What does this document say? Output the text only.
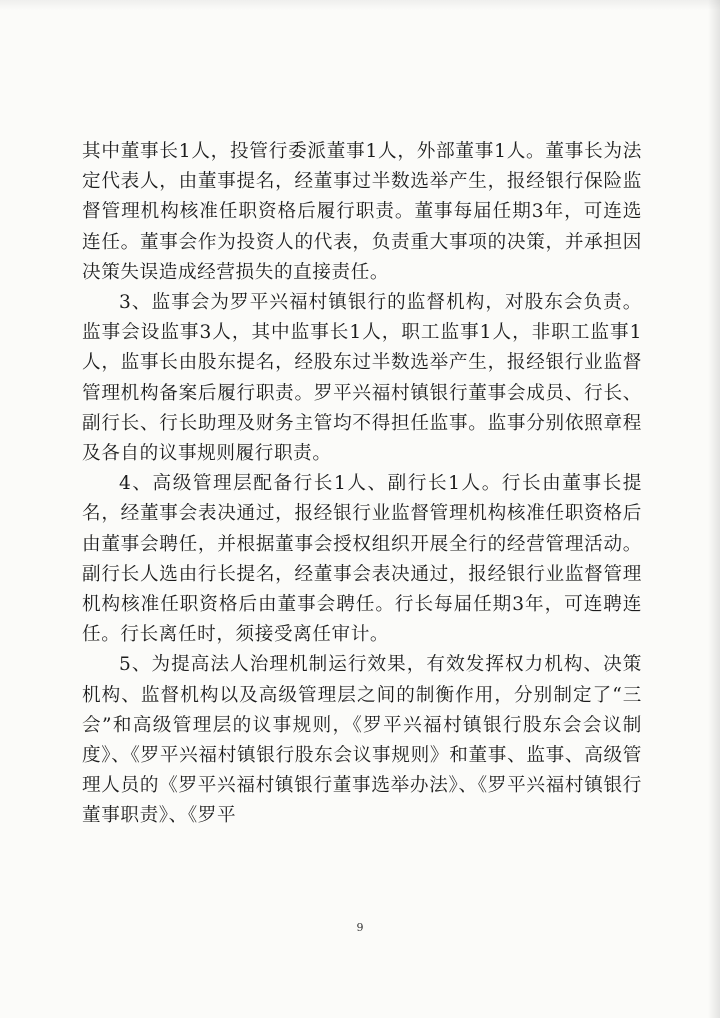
其中董事长1人，投管行委派董事1人，外部董事1人。董事长为法定代表人，由董事提名，经董事过半数选举产生，报经银行保险监督管理机构核准任职资格后履行职责。董事每届任期3年，可连选连任。董事会作为投资人的代表，负责重大事项的决策，并承担因决策失误造成经营损失的直接责任。

3、监事会为罗平兴福村镇银行的监督机构，对股东会负责。监事会设监事3人，其中监事长1人，职工监事1人，非职工监事1人，监事长由股东提名，经股东过半数选举产生，报经银行业监督管理机构备案后履行职责。罗平兴福村镇银行董事会成员、行长、副行长、行长助理及财务主管均不得担任监事。监事分别依照章程及各自的议事规则履行职责。

4、高级管理层配备行长1人、副行长1人。行长由董事长提名，经董事会表决通过，报经银行业监督管理机构核准任职资格后由董事会聘任，并根据董事会授权组织开展全行的经营管理活动。副行长人选由行长提名，经董事会表决通过，报经银行业监督管理机构核准任职资格后由董事会聘任。行长每届任期3年，可连聘连任。行长离任时，须接受离任审计。

5、为提高法人治理机制运行效果，有效发挥权力机构、决策机构、监督机构以及高级管理层之间的制衡作用，分别制定了“三会”和高级管理层的议事规则，《罗平兴福村镇银行股东会会议制度》、《罗平兴福村镇银行股东会议事规则》和董事、监事、高级管理人员的《罗平兴福村镇银行董事选举办法》、《罗平兴福村镇银行董事职责》、《罗平

9
